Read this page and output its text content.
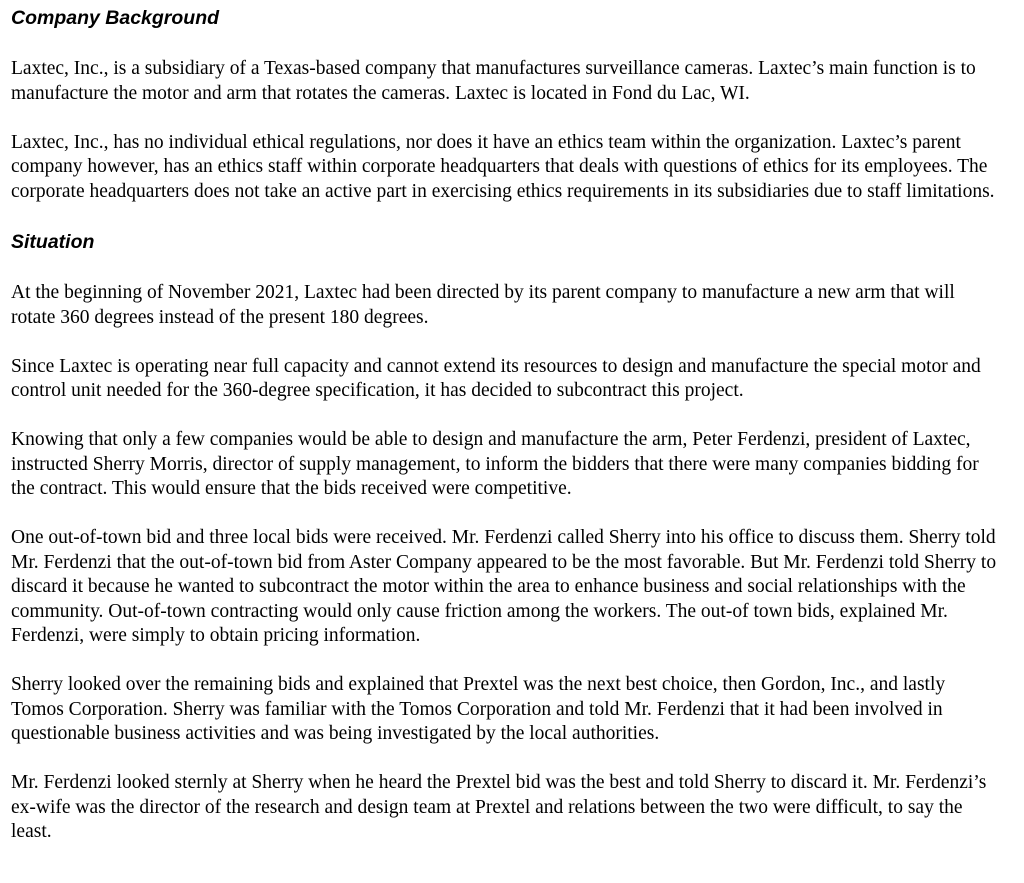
Company Background

Laxtec, Inc., is a subsidiary of a Texas-based company that manufactures surveillance cameras. Laxtec’s main function is to manufacture the motor and arm that rotates the cameras. Laxtec is located in Fond du Lac, WI.

Laxtec, Inc., has no individual ethical regulations, nor does it have an ethics team within the organization. Laxtec’s parent company however, has an ethics staff within corporate headquarters that deals with questions of ethics for its employees. The corporate headquarters does not take an active part in exercising ethics requirements in its subsidiaries due to staff limitations.

Situation

At the beginning of November 2021, Laxtec had been directed by its parent company to manufacture a new arm that will rotate 360 degrees instead of the present 180 degrees.

Since Laxtec is operating near full capacity and cannot extend its resources to design and manufacture the special motor and control unit needed for the 360-degree specification, it has decided to subcontract this project.

Knowing that only a few companies would be able to design and manufacture the arm, Peter Ferdenzi, president of Laxtec, instructed Sherry Morris, director of supply management, to inform the bidders that there were many companies bidding for the contract. This would ensure that the bids received were competitive.

One out-of-town bid and three local bids were received. Mr. Ferdenzi called Sherry into his office to discuss them. Sherry told Mr. Ferdenzi that the out-of-town bid from Aster Company appeared to be the most favorable. But Mr. Ferdenzi told Sherry to discard it because he wanted to subcontract the motor within the area to enhance business and social relationships with the community. Out-of-town contracting would only cause friction among the workers. The out-of town bids, explained Mr. Ferdenzi, were simply to obtain pricing information.

Sherry looked over the remaining bids and explained that Prextel was the next best choice, then Gordon, Inc., and lastly Tomos Corporation. Sherry was familiar with the Tomos Corporation and told Mr. Ferdenzi that it had been involved in questionable business activities and was being investigated by the local authorities.

Mr. Ferdenzi looked sternly at Sherry when he heard the Prextel bid was the best and told Sherry to discard it. Mr. Ferdenzi’s ex-wife was the director of the research and design team at Prextel and relations between the two were difficult, to say the least.
